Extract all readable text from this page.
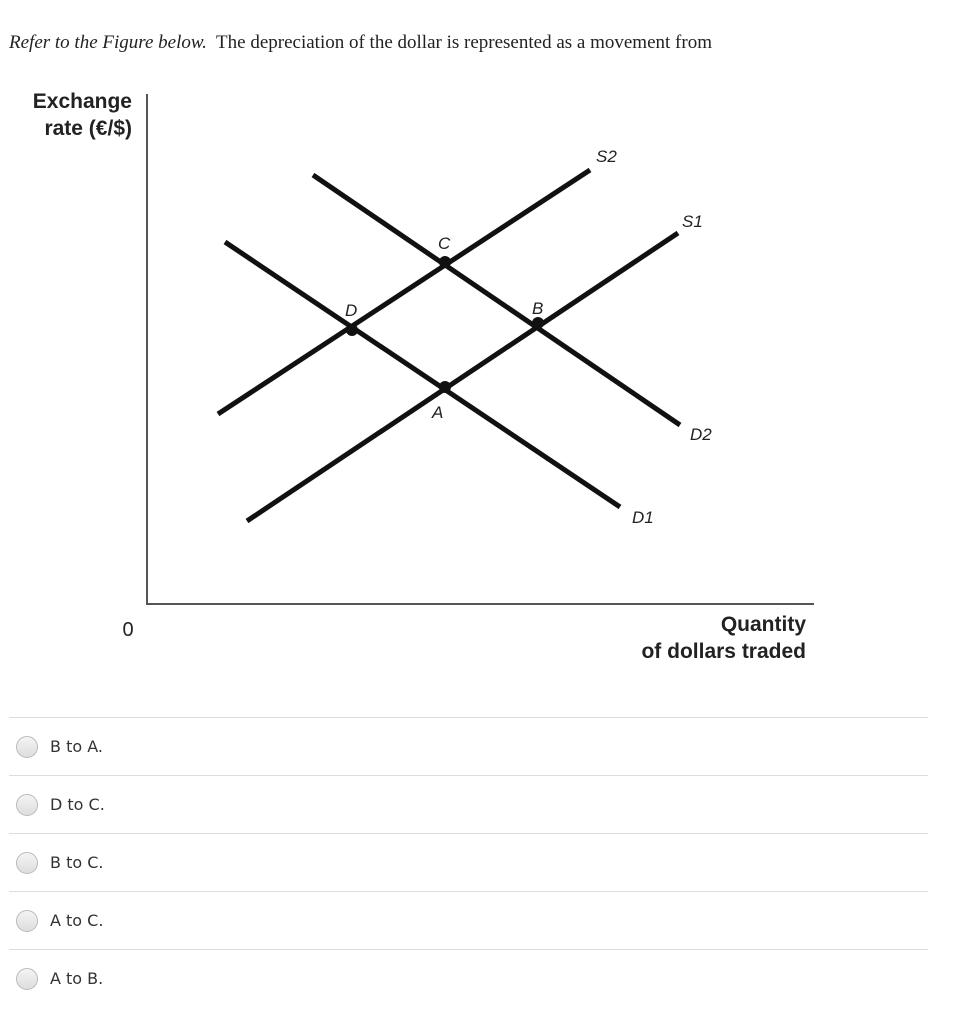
Refer to the Figure below. The depreciation of the dollar is represented as a movement from
Exchange
rate (€/$)
0	Quantity
of dollars traded
D
C
B
A
S2
S1
D1
D2
B to A.
D to C.
B to C.
A to C.
A to B.
